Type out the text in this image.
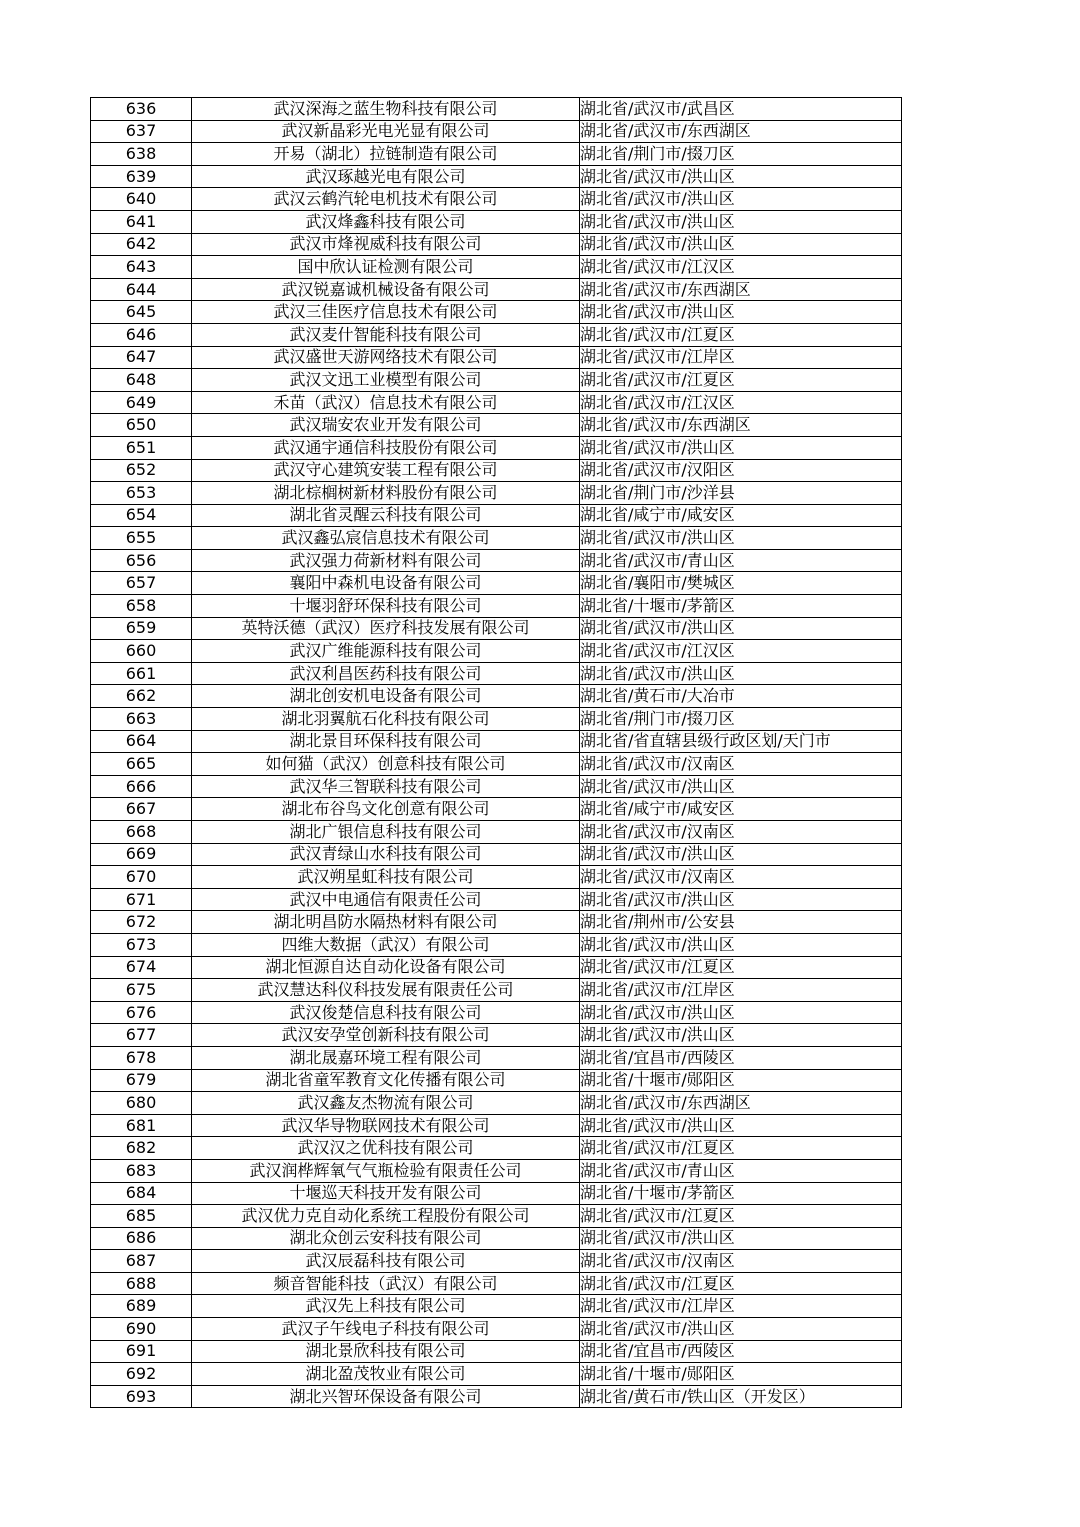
636	武汉深海之蓝生物科技有限公司	湖北省/武汉市/武昌区
637	武汉新晶彩光电光显有限公司	湖北省/武汉市/东西湖区
638	开易（湖北）拉链制造有限公司	湖北省/荆门市/掇刀区
639	武汉琢越光电有限公司	湖北省/武汉市/洪山区
640	武汉云鹤汽轮电机技术有限公司	湖北省/武汉市/洪山区
641	武汉烽鑫科技有限公司	湖北省/武汉市/洪山区
642	武汉市烽视威科技有限公司	湖北省/武汉市/洪山区
643	国中欣认证检测有限公司	湖北省/武汉市/江汉区
644	武汉锐嘉诚机械设备有限公司	湖北省/武汉市/东西湖区
645	武汉三佳医疗信息技术有限公司	湖北省/武汉市/洪山区
646	武汉麦什智能科技有限公司	湖北省/武汉市/江夏区
647	武汉盛世天游网络技术有限公司	湖北省/武汉市/江岸区
648	武汉文迅工业模型有限公司	湖北省/武汉市/江夏区
649	禾苗（武汉）信息技术有限公司	湖北省/武汉市/江汉区
650	武汉瑞安农业开发有限公司	湖北省/武汉市/东西湖区
651	武汉通宇通信科技股份有限公司	湖北省/武汉市/洪山区
652	武汉守心建筑安装工程有限公司	湖北省/武汉市/汉阳区
653	湖北棕榈树新材料股份有限公司	湖北省/荆门市/沙洋县
654	湖北省灵醒云科技有限公司	湖北省/咸宁市/咸安区
655	武汉鑫弘宸信息技术有限公司	湖北省/武汉市/洪山区
656	武汉强力荷新材料有限公司	湖北省/武汉市/青山区
657	襄阳中森机电设备有限公司	湖北省/襄阳市/樊城区
658	十堰羽舒环保科技有限公司	湖北省/十堰市/茅箭区
659	英特沃德（武汉）医疗科技发展有限公司	湖北省/武汉市/洪山区
660	武汉广维能源科技有限公司	湖北省/武汉市/江汉区
661	武汉利昌医药科技有限公司	湖北省/武汉市/洪山区
662	湖北创安机电设备有限公司	湖北省/黄石市/大冶市
663	湖北羽翼航石化科技有限公司	湖北省/荆门市/掇刀区
664	湖北景目环保科技有限公司	湖北省/省直辖县级行政区划/天门市
665	如何猫（武汉）创意科技有限公司	湖北省/武汉市/汉南区
666	武汉华三智联科技有限公司	湖北省/武汉市/洪山区
667	湖北布谷鸟文化创意有限公司	湖北省/咸宁市/咸安区
668	湖北广银信息科技有限公司	湖北省/武汉市/汉南区
669	武汉青绿山水科技有限公司	湖北省/武汉市/洪山区
670	武汉朔星虹科技有限公司	湖北省/武汉市/汉南区
671	武汉中电通信有限责任公司	湖北省/武汉市/洪山区
672	湖北明昌防水隔热材料有限公司	湖北省/荆州市/公安县
673	四维大数据（武汉）有限公司	湖北省/武汉市/洪山区
674	湖北恒源自达自动化设备有限公司	湖北省/武汉市/江夏区
675	武汉慧达科仪科技发展有限责任公司	湖北省/武汉市/江岸区
676	武汉俊楚信息科技有限公司	湖北省/武汉市/洪山区
677	武汉安孕堂创新科技有限公司	湖北省/武汉市/洪山区
678	湖北晟嘉环境工程有限公司	湖北省/宜昌市/西陵区
679	湖北省童军教育文化传播有限公司	湖北省/十堰市/郧阳区
680	武汉鑫友杰物流有限公司	湖北省/武汉市/东西湖区
681	武汉华导物联网技术有限公司	湖北省/武汉市/洪山区
682	武汉汉之优科技有限公司	湖北省/武汉市/江夏区
683	武汉润桦辉氧气气瓶检验有限责任公司	湖北省/武汉市/青山区
684	十堰巡天科技开发有限公司	湖北省/十堰市/茅箭区
685	武汉优力克自动化系统工程股份有限公司	湖北省/武汉市/江夏区
686	湖北众创云安科技有限公司	湖北省/武汉市/洪山区
687	武汉辰磊科技有限公司	湖北省/武汉市/汉南区
688	频音智能科技（武汉）有限公司	湖北省/武汉市/江夏区
689	武汉先上科技有限公司	湖北省/武汉市/江岸区
690	武汉子午线电子科技有限公司	湖北省/武汉市/洪山区
691	湖北景欣科技有限公司	湖北省/宜昌市/西陵区
692	湖北盈茂牧业有限公司	湖北省/十堰市/郧阳区
693	湖北兴智环保设备有限公司	湖北省/黄石市/铁山区（开发区）
